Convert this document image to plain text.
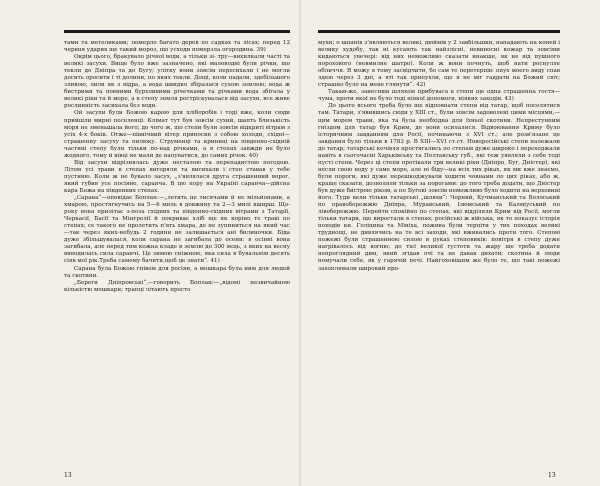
тами та метеликами; померло багато дерев по садках та лісах; перед 12 червня ударив ще такий мороз, що усходи померзла огородина. 39)

Окрім цього, бракувало річної води, а тільки зі- тру—вихилкали часті та великі засухи. Вище було вже зазначено, які маловодні були річки, що текли до Дніпра та до Бугу; улітку вони зовсім пересихали і не могли досить оросити і ті долини, по яких текли. Дощі, коли падали, здебільшого зливою, лили як з відра, а вода швидко збіралася сухою землею; вода ж бистрими та повними бурхливими річечками та річками вода збігала у великі ріки та й море, а в степу земля ростріскувалася від засухи, все живе рослинність засихала без води.

Ой засухи були Божою карою для хліборобів і тоді вже, коли сюди прийшли мирні поселенці. Клімат тут був зовсім сухий, шапть близькість моря не зменьшала його; до чого ж, що степи були зовсім відкриті вітрам з усіх 4-х боків. Отже—північний вітер приносив з собою холоди, східні—страшенну засуху та пилюку. Струменці та криниці на південно-східній частині степу були тільки по-над річками, а в степах завжди не було жодного, тому й вівці не мали де напуватися, до самих річок. 40)

Від засухи відрізнялась дуже несталою та перепадистою погодою. Літом усі трави в степах вигоряли та висихали і степ ставав у тебе пустиню. Коли ж не бувало засух, „з'являлася друга страшенний ворог, який губив усе посіяне, саранча. В цю пору на Україні саранча—дійсна кара Божа на південних степах.

„Сарана“—оповідає Боплан:—„летить не тисячами й не мільйонами, а хмарою, простягнучись на 5—6 миль в довжину та 2—3 милі вширш. Що-року вона прилітає з-поза східних та південно-східних вітрами з Татарії, Черкасії, Басії та Мінгрелії й покриває хліб ще як коріно те траві по степах; се такого не пролетить п'ять хмара, де не зупиниться на який час—так через яких-небудь 2 години не залишається ані билиночки. Біда дуже збільшувалася, коли сарана не загибала до осени: в осінні вона загибала, але перед тим кожна кладе в землю до 300 яєць, з яких на весну виводилась сила саранчі. Це зимою сніжною, яка сила в бувальнім десять сіяв мої рік.Треба самому бачити,щоб це знати“. 41)

Сарана була Божою гнівом для росіян, а мошкара була ним для людей та скотини.

„Береги Дніпровські“,—говорить Боплан:—„відомі незвичайною кількістю мошкари; трапці літають просто

мухи; о шпанів з'являються великі, дюймів у 2 завбільшки, нападають на коней і велику худобу, так ні кусають так найзлісні, невиносні кожар та зовсіми кидаються увечері: від них неможливо сказати инакше, як не від пушного порохового (невмилне шатро). Коли ж вони почнуть, щоб нати роснулле обличчя. Я можу я тому засвідчити, бо сам те перетерпів: опух моего виду спав лдею через 3 дні, а яті так припухли, що я не міг гаддати на Божий світ; страшно було на мене глянути“. 42)

Такам-же, занесним шляхом прибуваса в степи ще одна страшенна гостя—чума, проти якої не було тоді ніякої допомоги, ніяких заходів. 43)

До цього всього треба було ще відповнати степи від татар, щоб поселятися там. Татари, з'явившись сюди у ХІІІ ст., були зовсім задоволені цими місцями,—цим морем трави, яка та була необхідна для їхньої скотини. Непрестунпим гніздом для татар був Крим, де вони осилалися. Відвоювання Криму було історичним завданням для Росії, починаючи з XVI ст.; але розв'язане це завдання було тільки в 1783 р. В XIII—XVI ст.ст. Новоросійські степи належали до татар; татарські кочівля простягались по степам дуже широко і переходжали навіть в сьогочасні Харьківську та Полтавську губ., які теж уявляли з себе тоді пусті степи. Через ці степи протікали три великі ріки (Дніпро, Буг, Дністер), які несли свою воду у саме море, але ні біду—на всіх тих ріках, як ми вже знаємо, були пороги, які дуже перешкоджували ходити човнами по цих ріках, або ж, краще сказати, дозволяли тільки за порогами: до того треба додати, що Дністер був дуже бистрою ріком, а по Бугові зовсім неможливо було ходити на верховині його. Туди вели тільки татарські „шляхи“: Чорний, Кучманський та Волоський по правобережжю Дніпра, Муравський, Ізюмський та Калміуський по лівобережжю. Перейти спокійно по степах, які відділяли Крим від Росії, могли тільки татари, що виростали в степах; російські ж війська, як то показує історія походів кн. Голіцина та Мініха, пожива були терпіти у тих походах великі труднощі, не дивлячись на те всі заходи, які вживались проти того. Степові пожежі були страшенною силою в руках степовиків: повітря в степу дуже нагрівалось від вогню; до тієї великої густоти та жару ще треба додати непроглядний дим, який згідав очі та не давав дихати; скотина й люди помучали себе, як у гарячій печі. Найгоховішим же було те, що такі пожежі захоплювали широкий про-

13	13
